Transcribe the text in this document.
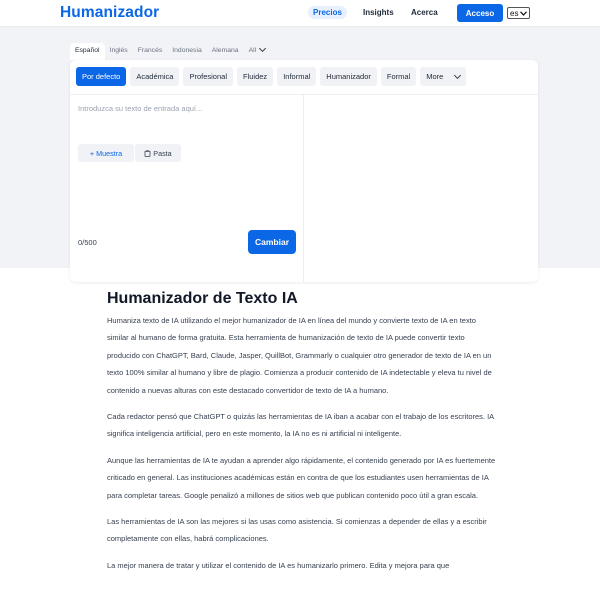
Humanizador	Precios	Insights Acerca	Acceso	es
Español	Inglés	Francés	Indonesia	Alemana	All
Por defecto	Académica	Profesional	Fluidez	Informal	Humanizador	Formal	More
Introduzca su texto de entrada aquí...
+ Muestra	Pasta
0/500	Cambiar
Humanizador de Texto IA

Humaniza texto de IA utilizando el mejor humanizador de IA en línea del mundo y convierte texto de IA en texto similar al humano de forma gratuita. Esta herramienta de humanización de texto de IA puede convertir texto producido con ChatGPT, Bard, Claude, Jasper, QuillBot, Grammarly o cualquier otro generador de texto de IA en un texto 100% similar al humano y libre de plagio. Comienza a producir contenido de IA indetectable y eleva tu nivel de contenido a nuevas alturas con este destacado convertidor de texto de IA a humano.

Cada redactor pensó que ChatGPT o quizás las herramientas de IA iban a acabar con el trabajo de los escritores. IA significa inteligencia artificial, pero en este momento, la IA no es ni artificial ni inteligente.

Aunque las herramientas de IA te ayudan a aprender algo rápidamente, el contenido generado por IA es fuertemente criticado en general. Las instituciones académicas están en contra de que los estudiantes usen herramientas de IA para completar tareas. Google penalizó a millones de sitios web que publican contenido poco útil a gran escala.

Las herramientas de IA son las mejores si las usas como asistencia. Si comienzas a depender de ellas y a escribir completamente con ellas, habrá complicaciones.

La mejor manera de tratar y utilizar el contenido de IA es humanizarlo primero. Edita y mejora para que
